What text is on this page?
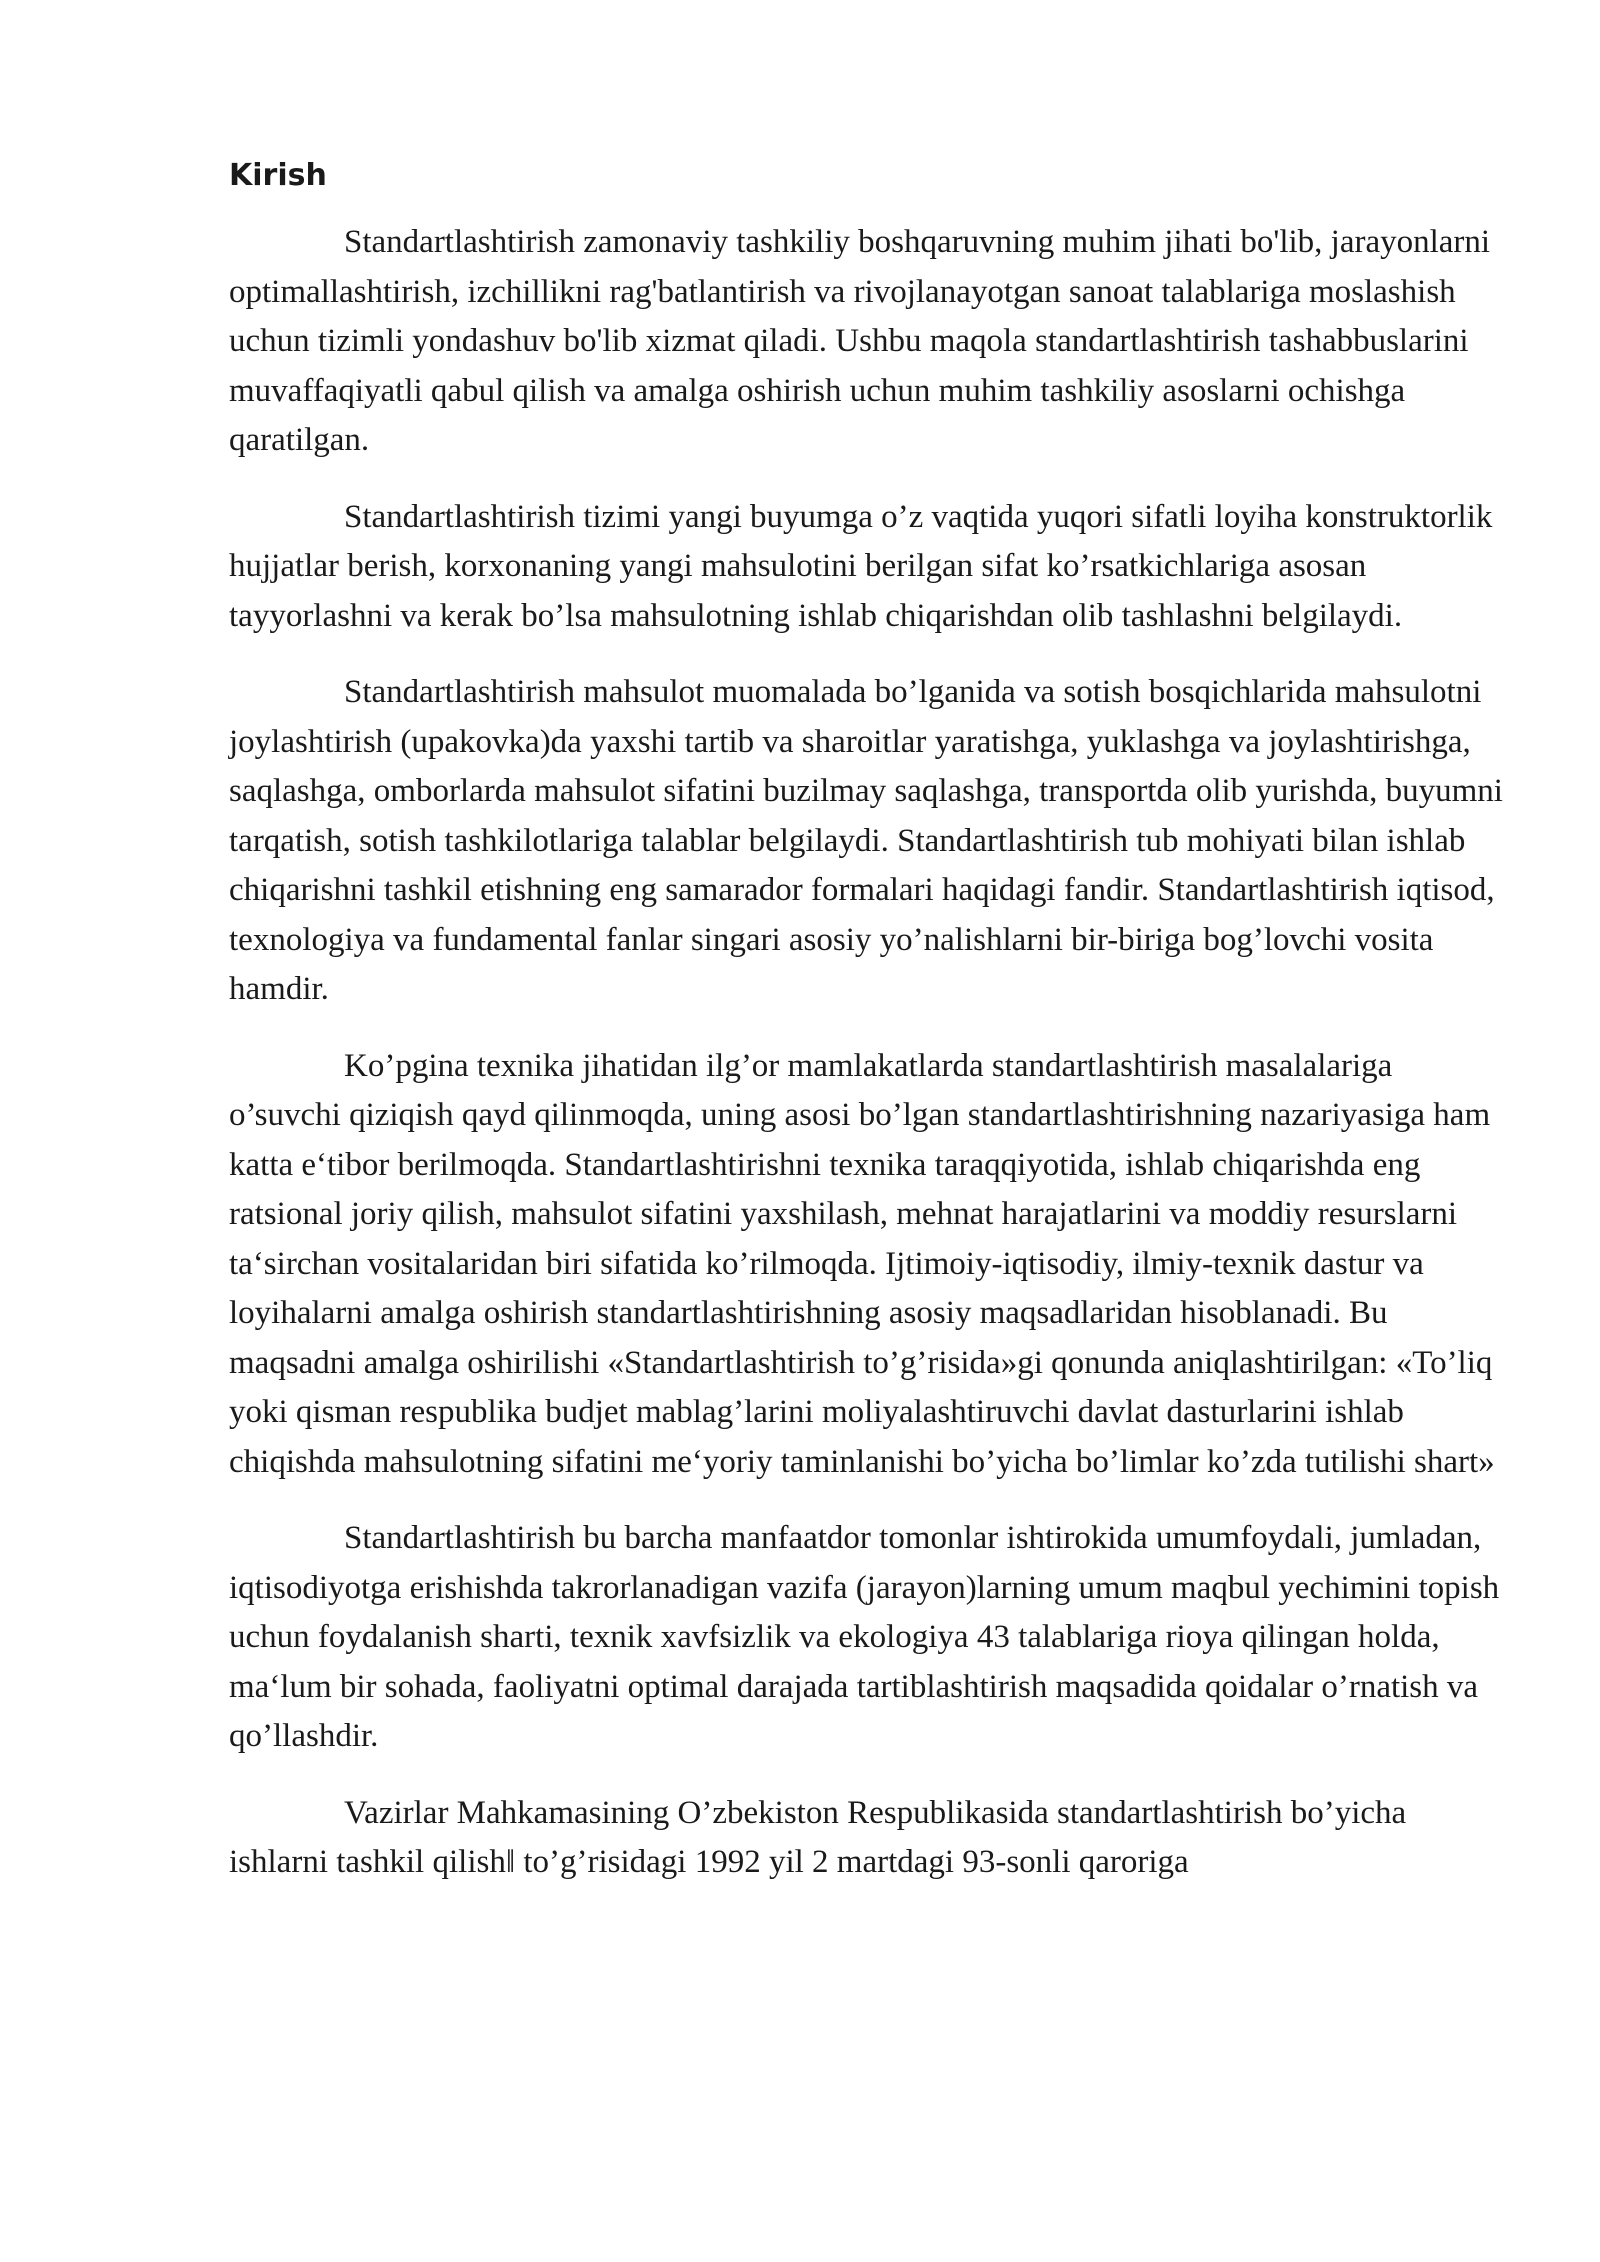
Kirish

Standartlashtirish zamonaviy tashkiliy boshqaruvning muhim jihati bo'lib, jarayonlarni optimallashtirish, izchillikni rag'batlantirish va rivojlanayotgan sanoat talablariga moslashish uchun tizimli yondashuv bo'lib xizmat qiladi. Ushbu maqola standartlashtirish tashabbuslarini muvaffaqiyatli qabul qilish va amalga oshirish uchun muhim tashkiliy asoslarni ochishga qaratilgan.

Standartlashtirish tizimi yangi buyumga o’z vaqtida yuqori sifatli loyiha konstruktorlik hujjatlar berish, korxonaning yangi mahsulotini berilgan sifat ko’rsatkichlariga asosan tayyorlashni va kerak bo’lsa mahsulotning ishlab chiqarishdan olib tashlashni belgilaydi.

Standartlashtirish mahsulot muomalada bo’lganida va sotish bosqichlarida mahsulotni joylashtirish (upakovka)da yaxshi tartib va sharoitlar yaratishga, yuklashga va joylashtirishga, saqlashga, omborlarda mahsulot sifatini buzilmay saqlashga, transportda olib yurishda, buyumni tarqatish, sotish tashkilotlariga talablar belgilaydi. Standartlashtirish tub mohiyati bilan ishlab chiqarishni tashkil etishning eng samarador formalari haqidagi fandir. Standartlashtirish iqtisod, texnologiya va fundamental fanlar singari asosiy yo’nalishlarni bir-biriga bog’lovchi vosita hamdir.

Ko’pgina texnika jihatidan ilg’or mamlakatlarda standartlashtirish masalalariga o’suvchi qiziqish qayd qilinmoqda, uning asosi bo’lgan standartlashtirishning nazariyasiga ham katta e‘tibor berilmoqda. Standartlashtirishni texnika taraqqiyotida, ishlab chiqarishda eng ratsional joriy qilish, mahsulot sifatini yaxshilash, mehnat harajatlarini va moddiy resurslarni ta‘sirchan vositalaridan biri sifatida ko’rilmoqda. Ijtimoiy-iqtisodiy, ilmiy-texnik dastur va loyihalarni amalga oshirish standartlashtirishning asosiy maqsadlaridan hisoblanadi. Bu maqsadni amalga oshirilishi «Standartlashtirish to’g’risida»gi qonunda aniqlashtirilgan: «To’liq yoki qisman respublika budjet mablag’larini moliyalashtiruvchi davlat dasturlarini ishlab chiqishda mahsulotning sifatini me‘yoriy taminlanishi bo’yicha bo’limlar ko’zda tutilishi shart»

Standartlashtirish bu barcha manfaatdor tomonlar ishtirokida umumfoydali, jumladan, iqtisodiyotga erishishda takrorlanadigan vazifa (jarayon)larning umum maqbul yechimini topish uchun foydalanish sharti, texnik xavfsizlik va ekologiya 43 talablariga rioya qilingan holda, ma‘lum bir sohada, faoliyatni optimal darajada tartiblashtirish maqsadida qoidalar o’rnatish va qo’llashdir.

Vazirlar Mahkamasining O’zbekiston Respublikasida standartlashtirish bo’yicha ishlarni tashkil qilish‖ to’g’risidagi 1992 yil 2 martdagi 93-sonli qaroriga
